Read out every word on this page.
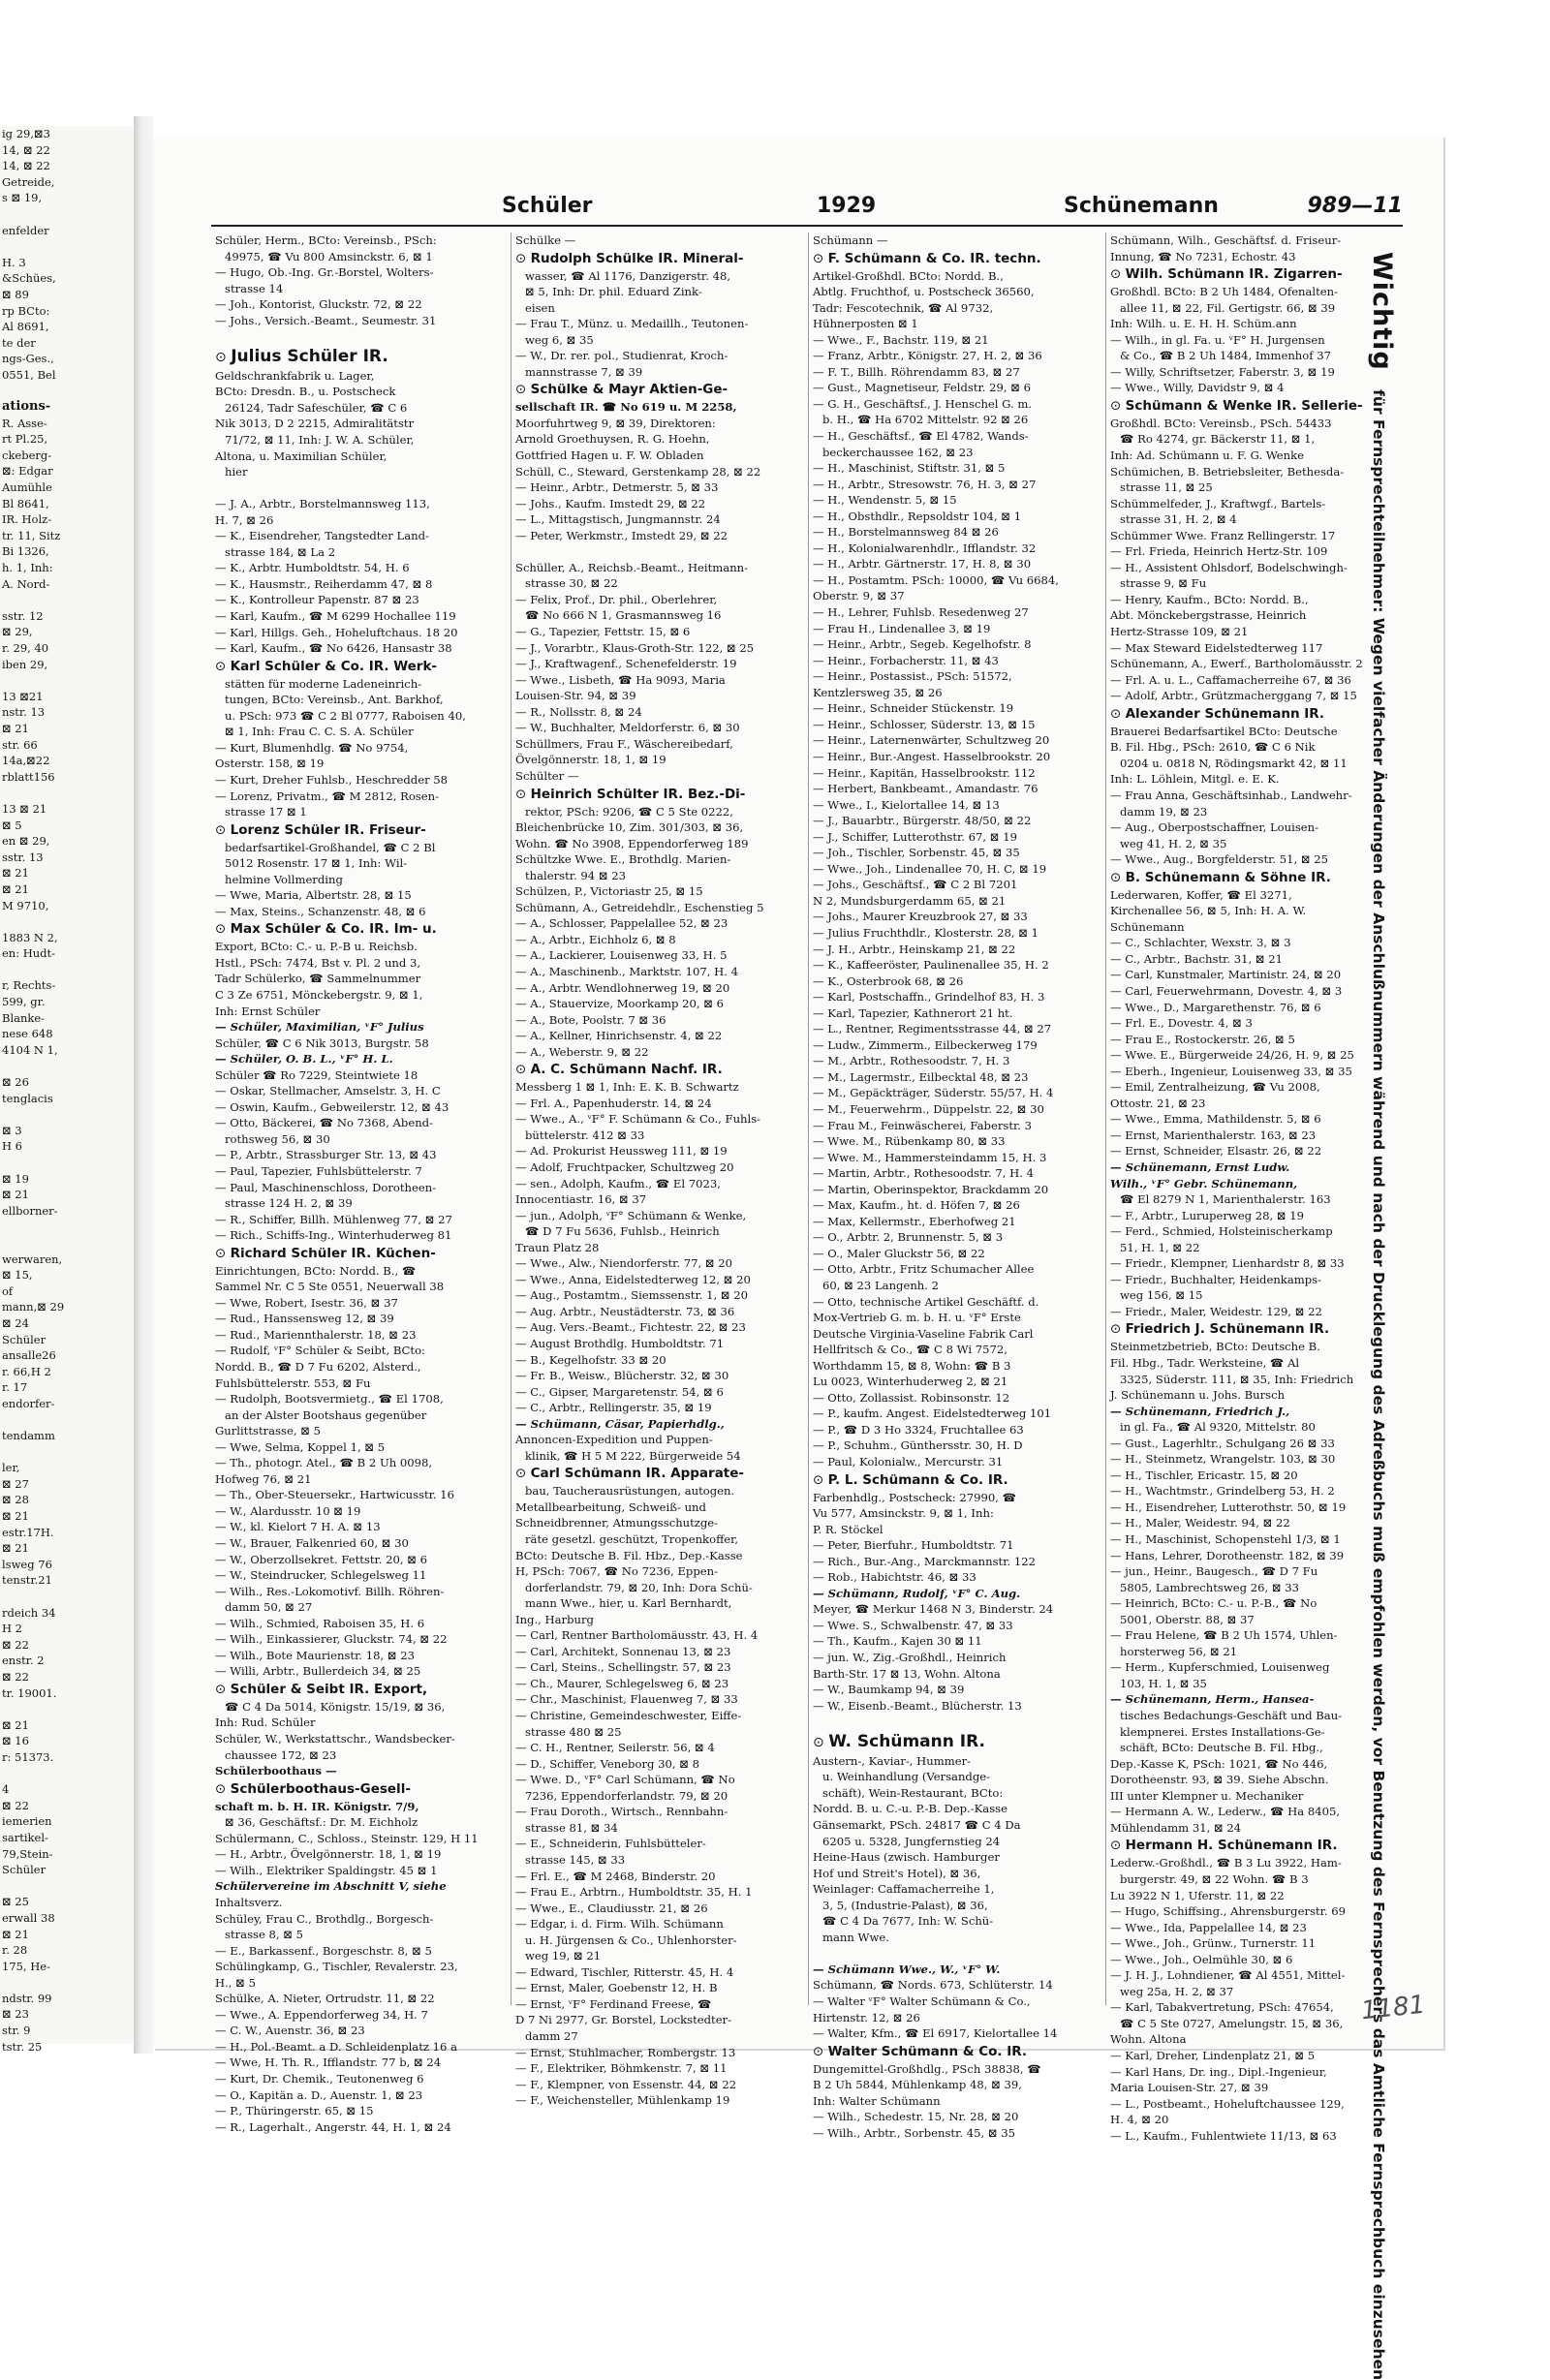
ig 29,⊠3
14, ⊠ 22
14, ⊠ 22
Getreide,
s ⊠ 19,
enfelder
H. 3
&Schües,
⊠ 89
rp BCto:
Al 8691,
te der
ngs-Ges.,
0551, Bel
ations-
R. Asse-
rt Pl.25,
ckeberg-
⊠: Edgar
Aumühle
Bl 8641,
IR. Holz-
tr. 11, Sitz
Bi 1326,
h. 1, Inh:
A. Nord-
sstr. 12
⊠ 29,
r. 29, 40
iben 29,
13 ⊠21
nstr. 13
⊠ 21
str. 66
14a,⊠22
rblatt156
13 ⊠ 21
⊠ 5
en ⊠ 29,
sstr. 13
⊠ 21
⊠ 21
M 9710,
1883 N 2,
en: Hudt-
r, Rechts-
599, gr.
Blanke-
nese 648
4104 N 1,
⊠ 26
tenglacis
⊠ 3
H 6
⊠ 19
⊠ 21
ellborner-
werwaren,
⊠ 15,
of
mann,⊠ 29
⊠ 24
Schüler
ansalle26
r. 66,H 2
r. 17
endorfer-
tendamm
ler,
⊠ 27
⊠ 28
⊠ 21
estr.17H.
⊠ 21
lsweg 76
tenstr.21
rdeich 34
H 2
⊠ 22
enstr. 2
⊠ 22
tr. 19001.
⊠ 21
⊠ 16
r: 51373.
4
⊠ 22
iemerien
sartikel-
79,Stein-
Schüler
⊠ 25
erwall 38
⊠ 21
r. 28
175, He-
ndstr. 99
⊠ 23
str. 9
tstr. 25
Schüler	1929	Schünemann	989—11
Schüler, Herm., BCto: Vereinsb., PSch:
49975, ☎ Vu 800 Amsinckstr. 6, ⊠ 1
— Hugo, Ob.-Ing. Gr.-Borstel, Wolters-
strasse 14
— Joh., Kontorist, Gluckstr. 72, ⊠ 22
— Johs., Versich.-Beamt., Seumestr. 31
⊙ Julius Schüler IR.
Geldschrankfabrik u. Lager,
BCto: Dresdn. B., u. Postscheck
26124, Tadr Safeschüler, ☎ C 6
Nik 3013, D 2 2215, Admiralitätstr
71/72, ⊠ 11, Inh: J. W. A. Schüler,
Altona, u. Maximilian Schüler,
hier
— J. A., Arbtr., Borstelmannsweg 113,
H. 7, ⊠ 26
— K., Eisendreher, Tangstedter Land-
strasse 184, ⊠ La 2
— K., Arbtr. Humboldtstr. 54, H. 6
— K., Hausmstr., Reiherdamm 47, ⊠ 8
— K., Kontrolleur Papenstr. 87 ⊠ 23
— Karl, Kaufm., ☎ M 6299 Hochallee 119
— Karl, Hillgs. Geh., Hoheluftchaus. 18 20
— Karl, Kaufm., ☎ No 6426, Hansastr 38
⊙ Karl Schüler & Co. IR. Werk-
stätten für moderne Ladeneinrich-
tungen, BCto: Vereinsb., Ant. Barkhof,
u. PSch: 973 ☎ C 2 Bl 0777, Raboisen 40,
⊠ 1, Inh: Frau C. C. S. A. Schüler
— Kurt, Blumenhdlg. ☎ No 9754,
Osterstr. 158, ⊠ 19
— Kurt, Dreher Fuhlsb., Heschredder 58
— Lorenz, Privatm., ☎ M 2812, Rosen-
strasse 17 ⊠ 1
⊙ Lorenz Schüler IR. Friseur-
bedarfsartikel-Großhandel, ☎ C 2 Bl
5012 Rosenstr. 17 ⊠ 1, Inh: Wil-
helmine Vollmerding
— Wwe, Maria, Albertstr. 28, ⊠ 15
— Max, Steins., Schanzenstr. 48, ⊠ 6
⊙ Max Schüler & Co. IR. Im- u.
Export, BCto: C.- u. P.-B u. Reichsb.
Hstl., PSch: 7474, Bst v. Pl. 2 und 3,
Tadr Schülerko, ☎ Sammelnummer
C 3 Ze 6751, Mönckebergstr. 9, ⊠ 1,
Inh: Ernst Schüler
— Schüler, Maximilian, ᵛF° Julius
Schüler, ☎ C 6 Nik 3013, Burgstr. 58
— Schüler, O. B. L., ᵛF° H. L.
Schüler ☎ Ro 7229, Steintwiete 18
— Oskar, Stellmacher, Amselstr. 3, H. C
— Oswin, Kaufm., Gebweilerstr. 12, ⊠ 43
— Otto, Bäckerei, ☎ No 7368, Abend-
rothsweg 56, ⊠ 30
— P., Arbtr., Strassburger Str. 13, ⊠ 43
— Paul, Tapezier, Fuhlsbüttelerstr. 7
— Paul, Maschinenschloss, Dorotheen-
strasse 124 H. 2, ⊠ 39
— R., Schiffer, Billh. Mühlenweg 77, ⊠ 27
— Rich., Schiffs-Ing., Winterhuderweg 81
⊙ Richard Schüler IR. Küchen-
Einrichtungen, BCto: Nordd. B., ☎
Sammel Nr. C 5 Ste 0551, Neuerwall 38
— Wwe, Robert, Isestr. 36, ⊠ 37
— Rud., Hanssensweg 12, ⊠ 39
— Rud., Mariennthalerstr. 18, ⊠ 23
— Rudolf, ᵛF° Schüler & Seibt, BCto:
Nordd. B., ☎ D 7 Fu 6202, Alsterd.,
Fuhlsbüttelerstr. 553, ⊠ Fu
— Rudolph, Bootsvermietg., ☎ El 1708,
an der Alster Bootshaus gegenüber
Gurlittstrasse, ⊠ 5
— Wwe, Selma, Koppel 1, ⊠ 5
— Th., photogr. Atel., ☎ B 2 Uh 0098,
Hofweg 76, ⊠ 21
— Th., Ober-Steuersekr., Hartwicusstr. 16
— W., Alardusstr. 10 ⊠ 19
— W., kl. Kielort 7 H. A. ⊠ 13
— W., Brauer, Falkenried 60, ⊠ 30
— W., Oberzollsekret. Fettstr. 20, ⊠ 6
— W., Steindrucker, Schlegelsweg 11
— Wilh., Res.-Lokomotivf. Billh. Röhren-
damm 50, ⊠ 27
— Wilh., Schmied, Raboisen 35, H. 6
— Wilh., Einkassierer, Gluckstr. 74, ⊠ 22
— Wilh., Bote Maurienstr. 18, ⊠ 23
— Willi, Arbtr., Bullerdeich 34, ⊠ 25
⊙ Schüler & Seibt IR. Export,
☎ C 4 Da 5014, Königstr. 15/19, ⊠ 36,
Inh: Rud. Schüler
Schüler, W., Werkstattschr., Wandsbecker-
chaussee 172, ⊠ 23
Schülerboothaus —
⊙ Schülerboothaus-Gesell-
schaft m. b. H. IR. Königstr. 7/9,
⊠ 36, Geschäftsf.: Dr. M. Eichholz
Schülermann, C., Schloss., Steinstr. 129, H 11
— H., Arbtr., Övelgönnerstr. 18, 1, ⊠ 19
— Wilh., Elektriker Spaldingstr. 45 ⊠ 1
Schülervereine im Abschnitt V, siehe
Inhaltsverz.
Schüley, Frau C., Brothdlg., Borgesch-
strasse 8, ⊠ 5
— E., Barkassenf., Borgeschstr. 8, ⊠ 5
Schülingkamp, G., Tischler, Revalerstr. 23,
H., ⊠ 5
Schülke, A. Nieter, Ortrudstr. 11, ⊠ 22
— Wwe., A. Eppendorferweg 34, H. 7
— C. W., Auenstr. 36, ⊠ 23
— H., Pol.-Beamt. a D. Schleidenplatz 16 a
— Wwe, H. Th. R., Ifflandstr. 77 b, ⊠ 24
— Kurt, Dr. Chemik., Teutonenweg 6
— O., Kapitän a. D., Auenstr. 1, ⊠ 23
— P., Thüringerstr. 65, ⊠ 15
— R., Lagerhalt., Angerstr. 44, H. 1, ⊠ 24
Schülke —
⊙ Rudolph Schülke IR. Mineral-
wasser, ☎ Al 1176, Danzigerstr. 48,
⊠ 5, Inh: Dr. phil. Eduard Zink-
eisen
— Frau T., Münz. u. Medaillh., Teutonen-
weg 6, ⊠ 35
— W., Dr. rer. pol., Studienrat, Kroch-
mannstrasse 7, ⊠ 39
⊙ Schülke & Mayr Aktien-Ge-
sellschaft IR. ☎ No 619 u. M 2258,
Moorfuhrtweg 9, ⊠ 39, Direktoren:
Arnold Groethuysen, R. G. Hoehn,
Gottfried Hagen u. F. W. Obladen
Schüll, C., Steward, Gerstenkamp 28, ⊠ 22
— Heinr., Arbtr., Detmerstr. 5, ⊠ 33
— Johs., Kaufm. Imstedt 29, ⊠ 22
— L., Mittagstisch, Jungmannstr. 24
— Peter, Werkmstr., Imstedt 29, ⊠ 22
Schüller, A., Reichsb.-Beamt., Heitmann-
strasse 30, ⊠ 22
— Felix, Prof., Dr. phil., Oberlehrer,
☎ No 666 N 1, Grasmannsweg 16
— G., Tapezier, Fettstr. 15, ⊠ 6
— J., Vorarbtr., Klaus-Groth-Str. 122, ⊠ 25
— J., Kraftwagenf., Schenefelderstr. 19
— Wwe., Lisbeth, ☎ Ha 9093, Maria
Louisen-Str. 94, ⊠ 39
— R., Nollsstr. 8, ⊠ 24
— W., Buchhalter, Meldorferstr. 6, ⊠ 30
Schüllmers, Frau F., Wäschereibedarf,
Övelgönnerstr. 18, 1, ⊠ 19
Schülter —
⊙ Heinrich Schülter IR. Bez.-Di-
rektor, PSch: 9206, ☎ C 5 Ste 0222,
Bleichenbrücke 10, Zim. 301/303, ⊠ 36,
Wohn. ☎ No 3908, Eppendorferweg 189
Schültzke Wwe. E., Brothdlg. Marien-
thalerstr. 94 ⊠ 23
Schülzen, P., Victoriastr 25, ⊠ 15
Schümann, A., Getreidehdlr., Eschenstieg 5
— A., Schlosser, Pappelallee 52, ⊠ 23
— A., Arbtr., Eichholz 6, ⊠ 8
— A., Lackierer, Louisenweg 33, H. 5
— A., Maschinenb., Marktstr. 107, H. 4
— A., Arbtr. Wendlohnerweg 19, ⊠ 20
— A., Stauervize, Moorkamp 20, ⊠ 6
— A., Bote, Poolstr. 7 ⊠ 36
— A., Kellner, Hinrichsenstr. 4, ⊠ 22
— A., Weberstr. 9, ⊠ 22
⊙ A. C. Schümann Nachf. IR.
Messberg 1 ⊠ 1, Inh: E. K. B. Schwartz
— Frl. A., Papenhuderstr. 14, ⊠ 24
— Wwe., A., ᵛF° F. Schümann & Co., Fuhls-
büttelerstr. 412 ⊠ 33
— Ad. Prokurist Heussweg 111, ⊠ 19
— Adolf, Fruchtpacker, Schultzweg 20
— sen., Adolph, Kaufm., ☎ El 7023,
Innocentiastr. 16, ⊠ 37
— jun., Adolph, ᵛF° Schümann & Wenke,
☎ D 7 Fu 5636, Fuhlsb., Heinrich
Traun Platz 28
— Wwe., Alw., Niendorferstr. 77, ⊠ 20
— Wwe., Anna, Eidelstedterweg 12, ⊠ 20
— Aug., Postamtm., Siemssenstr. 1, ⊠ 20
— Aug. Arbtr., Neustädterstr. 73, ⊠ 36
— Aug. Vers.-Beamt., Fichtestr. 22, ⊠ 23
— August Brothdlg. Humboldtstr. 71
— B., Kegelhofstr. 33 ⊠ 20
— Fr. B., Weisw., Blücherstr. 32, ⊠ 30
— C., Gipser, Margaretenstr. 54, ⊠ 6
— C., Arbtr., Rellingerstr. 35, ⊠ 19
— Schümann, Cäsar, Papierhdlg.,
Annoncen-Expedition und Puppen-
klinik, ☎ H 5 M 222, Bürgerweide 54
⊙ Carl Schümann IR. Apparate-
bau, Taucherausrüstungen, autogen.
Metallbearbeitung, Schweiß- und
Schneidbrenner, Atmungsschutzge-
räte gesetzl. geschützt, Tropenkoffer,
BCto: Deutsche B. Fil. Hbz., Dep.-Kasse
H, PSch: 7067, ☎ No 7236, Eppen-
dorferlandstr. 79, ⊠ 20, Inh: Dora Schü-
mann Wwe., hier, u. Karl Bernhardt,
Ing., Harburg
— Carl, Rentner Bartholomäusstr. 43, H. 4
— Carl, Architekt, Sonnenau 13, ⊠ 23
— Carl, Steins., Schellingstr. 57, ⊠ 23
— Ch., Maurer, Schlegelsweg 6, ⊠ 23
— Chr., Maschinist, Flauenweg 7, ⊠ 33
— Christine, Gemeindeschwester, Eiffe-
strasse 480 ⊠ 25
— C. H., Rentner, Seilerstr. 56, ⊠ 4
— D., Schiffer, Veneborg 30, ⊠ 8
— Wwe. D., ᵛF° Carl Schümann, ☎ No
7236, Eppendorferlandstr. 79, ⊠ 20
— Frau Doroth., Wirtsch., Rennbahn-
strasse 81, ⊠ 34
— E., Schneiderin, Fuhlsbütteler-
strasse 145, ⊠ 33
— Frl. E., ☎ M 2468, Binderstr. 20
— Frau E., Arbtrn., Humboldtstr. 35, H. 1
— Wwe., E., Claudiusstr. 21, ⊠ 26
— Edgar, i. d. Firm. Wilh. Schümann
u. H. Jürgensen & Co., Uhlenhorster-
weg 19, ⊠ 21
— Edward, Tischler, Ritterstr. 45, H. 4
— Ernst, Maler, Goebenstr 12, H. B
— Ernst, ᵛF° Ferdinand Freese, ☎
D 7 Ni 2977, Gr. Borstel, Lockstedter-
damm 27
— Ernst, Stuhlmacher, Rombergstr. 13
— F., Elektriker, Böhmkenstr. 7, ⊠ 11
— F., Klempner, von Essenstr. 44, ⊠ 22
— F., Weichensteller, Mühlenkamp 19
Schümann —
⊙ F. Schümann & Co. IR. techn.
Artikel-Großhdl. BCto: Nordd. B.,
Abtlg. Fruchthof, u. Postscheck 36560,
Tadr: Fescotechnik, ☎ Al 9732,
Hühnerposten ⊠ 1
— Wwe., F., Bachstr. 119, ⊠ 21
— Franz, Arbtr., Königstr. 27, H. 2, ⊠ 36
— F. T., Billh. Röhrendamm 83, ⊠ 27
— Gust., Magnetiseur, Feldstr. 29, ⊠ 6
— G. H., Geschäftsf., J. Henschel G. m.
b. H., ☎ Ha 6702 Mittelstr. 92 ⊠ 26
— H., Geschäftsf., ☎ El 4782, Wands-
beckerchaussee 162, ⊠ 23
— H., Maschinist, Stiftstr. 31, ⊠ 5
— H., Arbtr., Stresowstr. 76, H. 3, ⊠ 27
— H., Wendenstr. 5, ⊠ 15
— H., Obsthdlr., Repsoldstr 104, ⊠ 1
— H., Borstelmannsweg 84 ⊠ 26
— H., Kolonialwarenhdlr., Ifflandstr. 32
— H., Arbtr. Gärtnerstr. 17, H. 8, ⊠ 30
— H., Postamtm. PSch: 10000, ☎ Vu 6684,
Oberstr. 9, ⊠ 37
— H., Lehrer, Fuhlsb. Resedenweg 27
— Frau H., Lindenallee 3, ⊠ 19
— Heinr., Arbtr., Segeb. Kegelhofstr. 8
— Heinr., Forbacherstr. 11, ⊠ 43
— Heinr., Postassist., PSch: 51572,
Kentzlersweg 35, ⊠ 26
— Heinr., Schneider Stückenstr. 19
— Heinr., Schlosser, Süderstr. 13, ⊠ 15
— Heinr., Laternenwärter, Schultzweg 20
— Heinr., Bur.-Angest. Hasselbrookstr. 20
— Heinr., Kapitän, Hasselbrookstr. 112
— Herbert, Bankbeamt., Amandastr. 76
— Wwe., I., Kielortallee 14, ⊠ 13
— J., Bauarbtr., Bürgerstr. 48/50, ⊠ 22
— J., Schiffer, Lutterothstr. 67, ⊠ 19
— Joh., Tischler, Sorbenstr. 45, ⊠ 35
— Wwe., Joh., Lindenallee 70, H. C, ⊠ 19
— Johs., Geschäftsf., ☎ C 2 Bl 7201
N 2, Mundsburgerdamm 65, ⊠ 21
— Johs., Maurer Kreuzbrook 27, ⊠ 33
— Julius Fruchthdlr., Klosterstr. 28, ⊠ 1
— J. H., Arbtr., Heinskamp 21, ⊠ 22
— K., Kaffeeröster, Paulinenallee 35, H. 2
— K., Osterbrook 68, ⊠ 26
— Karl, Postschaffn., Grindelhof 83, H. 3
— Karl, Tapezier, Kathnerort 21 ht.
— L., Rentner, Regimentsstrasse 44, ⊠ 27
— Ludw., Zimmerm., Eilbeckerweg 179
— M., Arbtr., Rothesoodstr. 7, H. 3
— M., Lagermstr., Eilbecktal 48, ⊠ 23
— M., Gepäckträger, Süderstr. 55/57, H. 4
— M., Feuerwehrm., Düppelstr. 22, ⊠ 30
— Frau M., Feinwäscherei, Faberstr. 3
— Wwe. M., Rübenkamp 80, ⊠ 33
— Wwe. M., Hammersteindamm 15, H. 3
— Martin, Arbtr., Rothesoodstr. 7, H. 4
— Martin, Oberinspektor, Brackdamm 20
— Max, Kaufm., ht. d. Höfen 7, ⊠ 26
— Max, Kellermstr., Eberhofweg 21
— O., Arbtr. 2, Brunnenstr. 5, ⊠ 3
— O., Maler Gluckstr 56, ⊠ 22
— Otto, Arbtr., Fritz Schumacher Allee
60, ⊠ 23 Langenh. 2
— Otto, technische Artikel Geschäftf. d.
Mox-Vertrieb G. m. b. H. u. ᵛF° Erste
Deutsche Virginia-Vaseline Fabrik Carl
Hellfritsch & Co., ☎ C 8 Wi 7572,
Worthdamm 15, ⊠ 8, Wohn: ☎ B 3
Lu 0023, Winterhuderweg 2, ⊠ 21
— Otto, Zollassist. Robinsonstr. 12
— P., kaufm. Angest. Eidelstedterweg 101
— P., ☎ D 3 Ho 3324, Fruchtallee 63
— P., Schuhm., Günthersstr. 30, H. D
— Paul, Kolonialw., Mercurstr. 31
⊙ P. L. Schümann & Co. IR.
Farbenhdlg., Postscheck: 27990, ☎
Vu 577, Amsinckstr. 9, ⊠ 1, Inh:
P. R. Stöckel
— Peter, Bierfuhr., Humboldtstr. 71
— Rich., Bur.-Ang., Marckmannstr. 122
— Rob., Habichtstr. 46, ⊠ 33
— Schümann, Rudolf, ᵛF° C. Aug.
Meyer, ☎ Merkur 1468 N 3, Binderstr. 24
— Wwe. S., Schwalbenstr. 47, ⊠ 33
— Th., Kaufm., Kajen 30 ⊠ 11
— jun. W., Zig.-Großhdl., Heinrich
Barth-Str. 17 ⊠ 13, Wohn. Altona
— W., Baumkamp 94, ⊠ 39
— W., Eisenb.-Beamt., Blücherstr. 13
⊙ W. Schümann IR.
Austern-, Kaviar-, Hummer-
u. Weinhandlung (Versandge-
schäft), Wein-Restaurant, BCto:
Nordd. B. u. C.-u. P.-B. Dep.-Kasse
Gänsemarkt, PSch. 24817 ☎ C 4 Da
6205 u. 5328, Jungfernstieg 24
Heine-Haus (zwisch. Hamburger
Hof und Streit's Hotel), ⊠ 36,
Weinlager: Caffamacherreihe 1,
3, 5, (Industrie-Palast), ⊠ 36,
☎ C 4 Da 7677, Inh: W. Schü-
mann Wwe.
— Schümann Wwe., W., ᵛF° W.
Schümann, ☎ Nords. 673, Schlüterstr. 14
— Walter ᵛF° Walter Schümann & Co.,
Hirtenstr. 12, ⊠ 26
— Walter, Kfm., ☎ El 6917, Kielortallee 14
⊙ Walter Schümann & Co. IR.
Dungemittel-Großhdlg., PSch 38838, ☎
B 2 Uh 5844, Mühlenkamp 48, ⊠ 39,
Inh: Walter Schümann
— Wilh., Schedestr. 15, Nr. 28, ⊠ 20
— Wilh., Arbtr., Sorbenstr. 45, ⊠ 35
Schümann, Wilh., Geschäftsf. d. Friseur-
Innung, ☎ No 7231, Echostr. 43
⊙ Wilh. Schümann IR. Zigarren-
Großhdl. BCto: B 2 Uh 1484, Ofenalten-
allee 11, ⊠ 22, Fil. Gertigstr. 66, ⊠ 39
Inh: Wilh. u. E. H. H. Schüm.ann
— Wilh., in gl. Fa. u. ᵛF° H. Jurgensen
& Co., ☎ B 2 Uh 1484, Immenhof 37
— Willy, Schriftsetzer, Faberstr. 3, ⊠ 19
— Wwe., Willy, Davidstr 9, ⊠ 4
⊙ Schümann & Wenke IR. Sellerie-
Großhdl. BCto: Vereinsb., PSch. 54433
☎ Ro 4274, gr. Bäckerstr 11, ⊠ 1,
Inh: Ad. Schümann u. F. G. Wenke
Schümichen, B. Betriebsleiter, Bethesda-
strasse 11, ⊠ 25
Schümmelfeder, J., Kraftwgf., Bartels-
strasse 31, H. 2, ⊠ 4
Schümmer Wwe. Franz Rellingerstr. 17
— Frl. Frieda, Heinrich Hertz-Str. 109
— H., Assistent Ohlsdorf, Bodelschwingh-
strasse 9, ⊠ Fu
— Henry, Kaufm., BCto: Nordd. B.,
Abt. Mönckebergstrasse, Heinrich
Hertz-Strasse 109, ⊠ 21
— Max Steward Eidelstedterweg 117
Schünemann, A., Ewerf., Bartholomäusstr. 2
— Frl. A. u. L., Caffamacherreihe 67, ⊠ 36
— Adolf, Arbtr., Grützmacherggang 7, ⊠ 15
⊙ Alexander Schünemann IR.
Brauerei Bedarfsartikel BCto: Deutsche
B. Fil. Hbg., PSch: 2610, ☎ C 6 Nik
0204 u. 0818 N, Rödingsmarkt 42, ⊠ 11
Inh: L. Löhlein, Mitgl. e. E. K.
— Frau Anna, Geschäftsinhab., Landwehr-
damm 19, ⊠ 23
— Aug., Oberpostschaffner, Louisen-
weg 41, H. 2, ⊠ 35
— Wwe., Aug., Borgfelderstr. 51, ⊠ 25
⊙ B. Schünemann & Söhne IR.
Lederwaren, Koffer, ☎ El 3271,
Kirchenallee 56, ⊠ 5, Inh: H. A. W.
Schünemann
— C., Schlachter, Wexstr. 3, ⊠ 3
— C., Arbtr., Bachstr. 31, ⊠ 21
— Carl, Kunstmaler, Martinistr. 24, ⊠ 20
— Carl, Feuerwehrmann, Dovestr. 4, ⊠ 3
— Wwe., D., Margarethenstr. 76, ⊠ 6
— Frl. E., Dovestr. 4, ⊠ 3
— Frau E., Rostockerstr. 26, ⊠ 5
— Wwe. E., Bürgerweide 24/26, H. 9, ⊠ 25
— Eberh., Ingenieur, Louisenweg 33, ⊠ 35
— Emil, Zentralheizung, ☎ Vu 2008,
Ottostr. 21, ⊠ 23
— Wwe., Emma, Mathildenstr. 5, ⊠ 6
— Ernst, Marienthalerstr. 163, ⊠ 23
— Ernst, Schneider, Elsastr. 26, ⊠ 22
— Schünemann, Ernst Ludw.
Wilh., ᵛF° Gebr. Schünemann,
☎ El 8279 N 1, Marienthalerstr. 163
— F., Arbtr., Luruperweg 28, ⊠ 19
— Ferd., Schmied, Holsteinischerkamp
51, H. 1, ⊠ 22
— Friedr., Klempner, Lienhardstr 8, ⊠ 33
— Friedr., Buchhalter, Heidenkamps-
weg 156, ⊠ 15
— Friedr., Maler, Weidestr. 129, ⊠ 22
⊙ Friedrich J. Schünemann IR.
Steinmetzbetrieb, BCto: Deutsche B.
Fil. Hbg., Tadr. Werksteine, ☎ Al
3325, Süderstr. 111, ⊠ 35, Inh: Friedrich
J. Schünemann u. Johs. Bursch
— Schünemann, Friedrich J.,
in gl. Fa., ☎ Al 9320, Mittelstr. 80
— Gust., Lagerhltr., Schulgang 26 ⊠ 33
— H., Steinmetz, Wrangelstr. 103, ⊠ 30
— H., Tischler, Ericastr. 15, ⊠ 20
— H., Wachtmstr., Grindelberg 53, H. 2
— H., Eisendreher, Lutterothstr. 50, ⊠ 19
— H., Maler, Weidestr. 94, ⊠ 22
— H., Maschinist, Schopenstehl 1/3, ⊠ 1
— Hans, Lehrer, Dorotheenstr. 182, ⊠ 39
— jun., Heinr., Baugesch., ☎ D 7 Fu
5805, Lambrechtsweg 26, ⊠ 33
— Heinrich, BCto: C.- u. P.-B., ☎ No
5001, Oberstr. 88, ⊠ 37
— Frau Helene, ☎ B 2 Uh 1574, Uhlen-
horsterweg 56, ⊠ 21
— Herm., Kupferschmied, Louisenweg
103, H. 1, ⊠ 35
— Schünemann, Herm., Hansea-
tisches Bedachungs-Geschäft und Bau-
klempnerei. Erstes Installations-Ge-
schäft, BCto: Deutsche B. Fil. Hbg.,
Dep.-Kasse K, PSch: 1021, ☎ No 446,
Dorotheenstr. 93, ⊠ 39. Siehe Abschn.
III unter Klempner u. Mechaniker
— Hermann A. W., Lederw., ☎ Ha 8405,
Mühlendamm 31, ⊠ 24
⊙ Hermann H. Schünemann IR.
Lederw.-Großhdl., ☎ B 3 Lu 3922, Ham-
burgerstr. 49, ⊠ 22 Wohn. ☎ B 3
Lu 3922 N 1, Uferstr. 11, ⊠ 22
— Hugo, Schiffsing., Ahrensburgerstr. 69
— Wwe., Ida, Pappelallee 14, ⊠ 23
— Wwe., Joh., Grünw., Turnerstr. 11
— Wwe., Joh., Oelmühle 30, ⊠ 6
— J. H. J., Lohndiener, ☎ Al 4551, Mittel-
weg 25a, H. 2, ⊠ 37
— Karl, Tabakvertretung, PSch: 47654,
☎ C 5 Ste 0727, Amelungstr. 15, ⊠ 36,
Wohn. Altona
— Karl, Dreher, Lindenplatz 21, ⊠ 5
— Karl Hans, Dr. ing., Dipl.-Ingenieur,
Maria Louisen-Str. 27, ⊠ 39
— L., Postbeamt., Hoheluftchaussee 129,
H. 4, ⊠ 20
— L., Kaufm., Fuhlentwiete 11/13, ⊠ 63
Wichtig für Fernsprechteilnehmer: Wegen vielfacher Änderungen der Anschlußnummern während und nach der Drucklegung des Adreßbuchs muß empfohlen werden, vor Benutzung des Fernsprechers das Amtliche Fernsprechbuch einzusehen
1181
